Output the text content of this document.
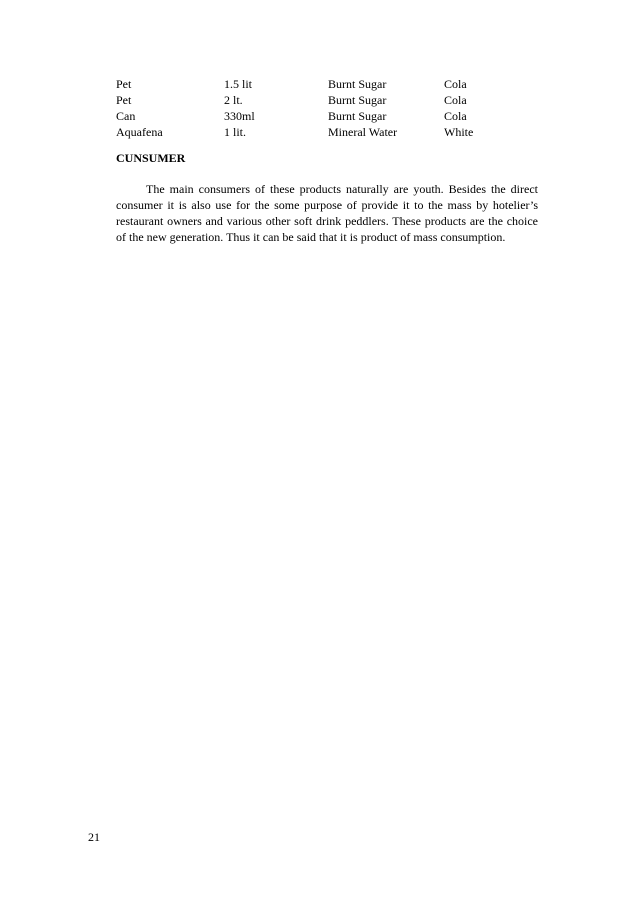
Pet	1.5 lit	Burnt Sugar	Cola
Pet	2 lt.	Burnt Sugar	Cola
Can	330ml	Burnt Sugar	Cola
Aquafena	1 lit.	Mineral Water	White
CUNSUMER

The main consumers of these products naturally are youth. Besides the direct consumer it is also use for the some purpose of provide it to the mass by hotelier’s restaurant owners and various other soft drink peddlers. These products are the choice of the new generation. Thus it can be said that it is product of mass consumption.

21
